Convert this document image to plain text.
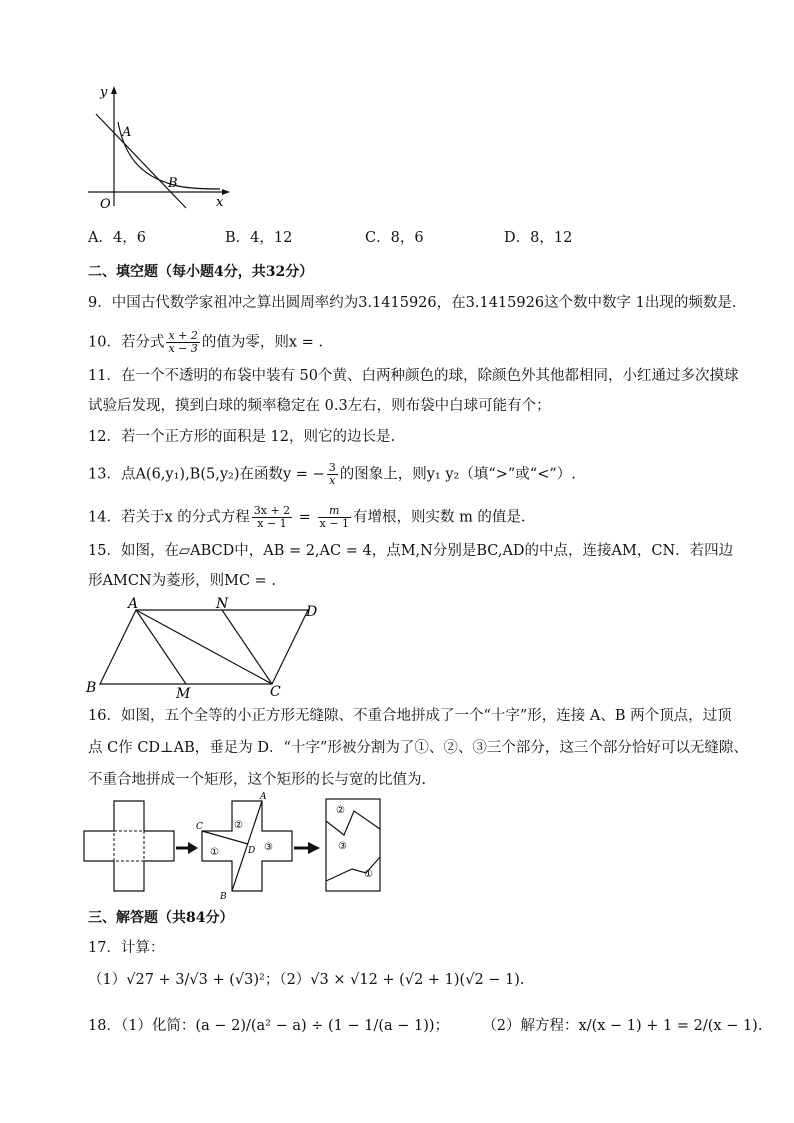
y
x
O
A
B
A．4，6	B．4，12	C．8，6	D．8，12
二、填空题（每小题4分，共32分）
9．中国古代数学家祖冲之算出圆周率约为3.1415926，在3.1415926这个数中数字 1出现的频数是.
10．若分式 $\frac{x + 2}{x - 3}$ 的值为零，则x = .
11．在一个不透明的布袋中装有 50个黄、白两种颜色的球，除颜色外其他都相同，小红通过多次摸球
试验后发现，摸到白球的频率稳定在 0.3左右，则布袋中白球可能有个；
12．若一个正方形的面积是 12，则它的边长是.
13．点A(6,y₁),B(5,y₂)在函数y = − $\frac{3}{x}$ 的图象上，则y₁ y₂（填“>”或“<”）.
14．若关于x 的分式方程 $\frac{3x + 2}{x - 1} = \frac{m}{x - 1}$ 有增根，则实数 m 的值是.
15．如图，在▱ABCD中，AB = 2,AC = 4，点M,N分别是BC,AD的中点，连接AM，CN．若四边
形AMCN为菱形，则MC = .
A	N	D
B	M	C
16．如图，五个全等的小正方形无缝隙、不重合地拼成了一个“十字”形，连接 A、B 两个顶点，过顶
点 C作 CD⊥AB，垂足为 D．“十字”形被分割为了①、②、③三个部分，这三个部分恰好可以无缝隙、
不重合地拼成一个矩形，这个矩形的长与宽的比值为.
A
B
C
D
②
①	③
②
③
①
三、解答题（共84分）
17．计算：
（1）√27 + 3/√3 + (√3)²；（2）√3 × √12 + (√2 + 1)(√2 − 1).
18．（1）化简：(a − 2)/(a² − a) ÷ (1 − 1/(a − 1))； （2）解方程：x/(x − 1) + 1 = 2/(x − 1).
